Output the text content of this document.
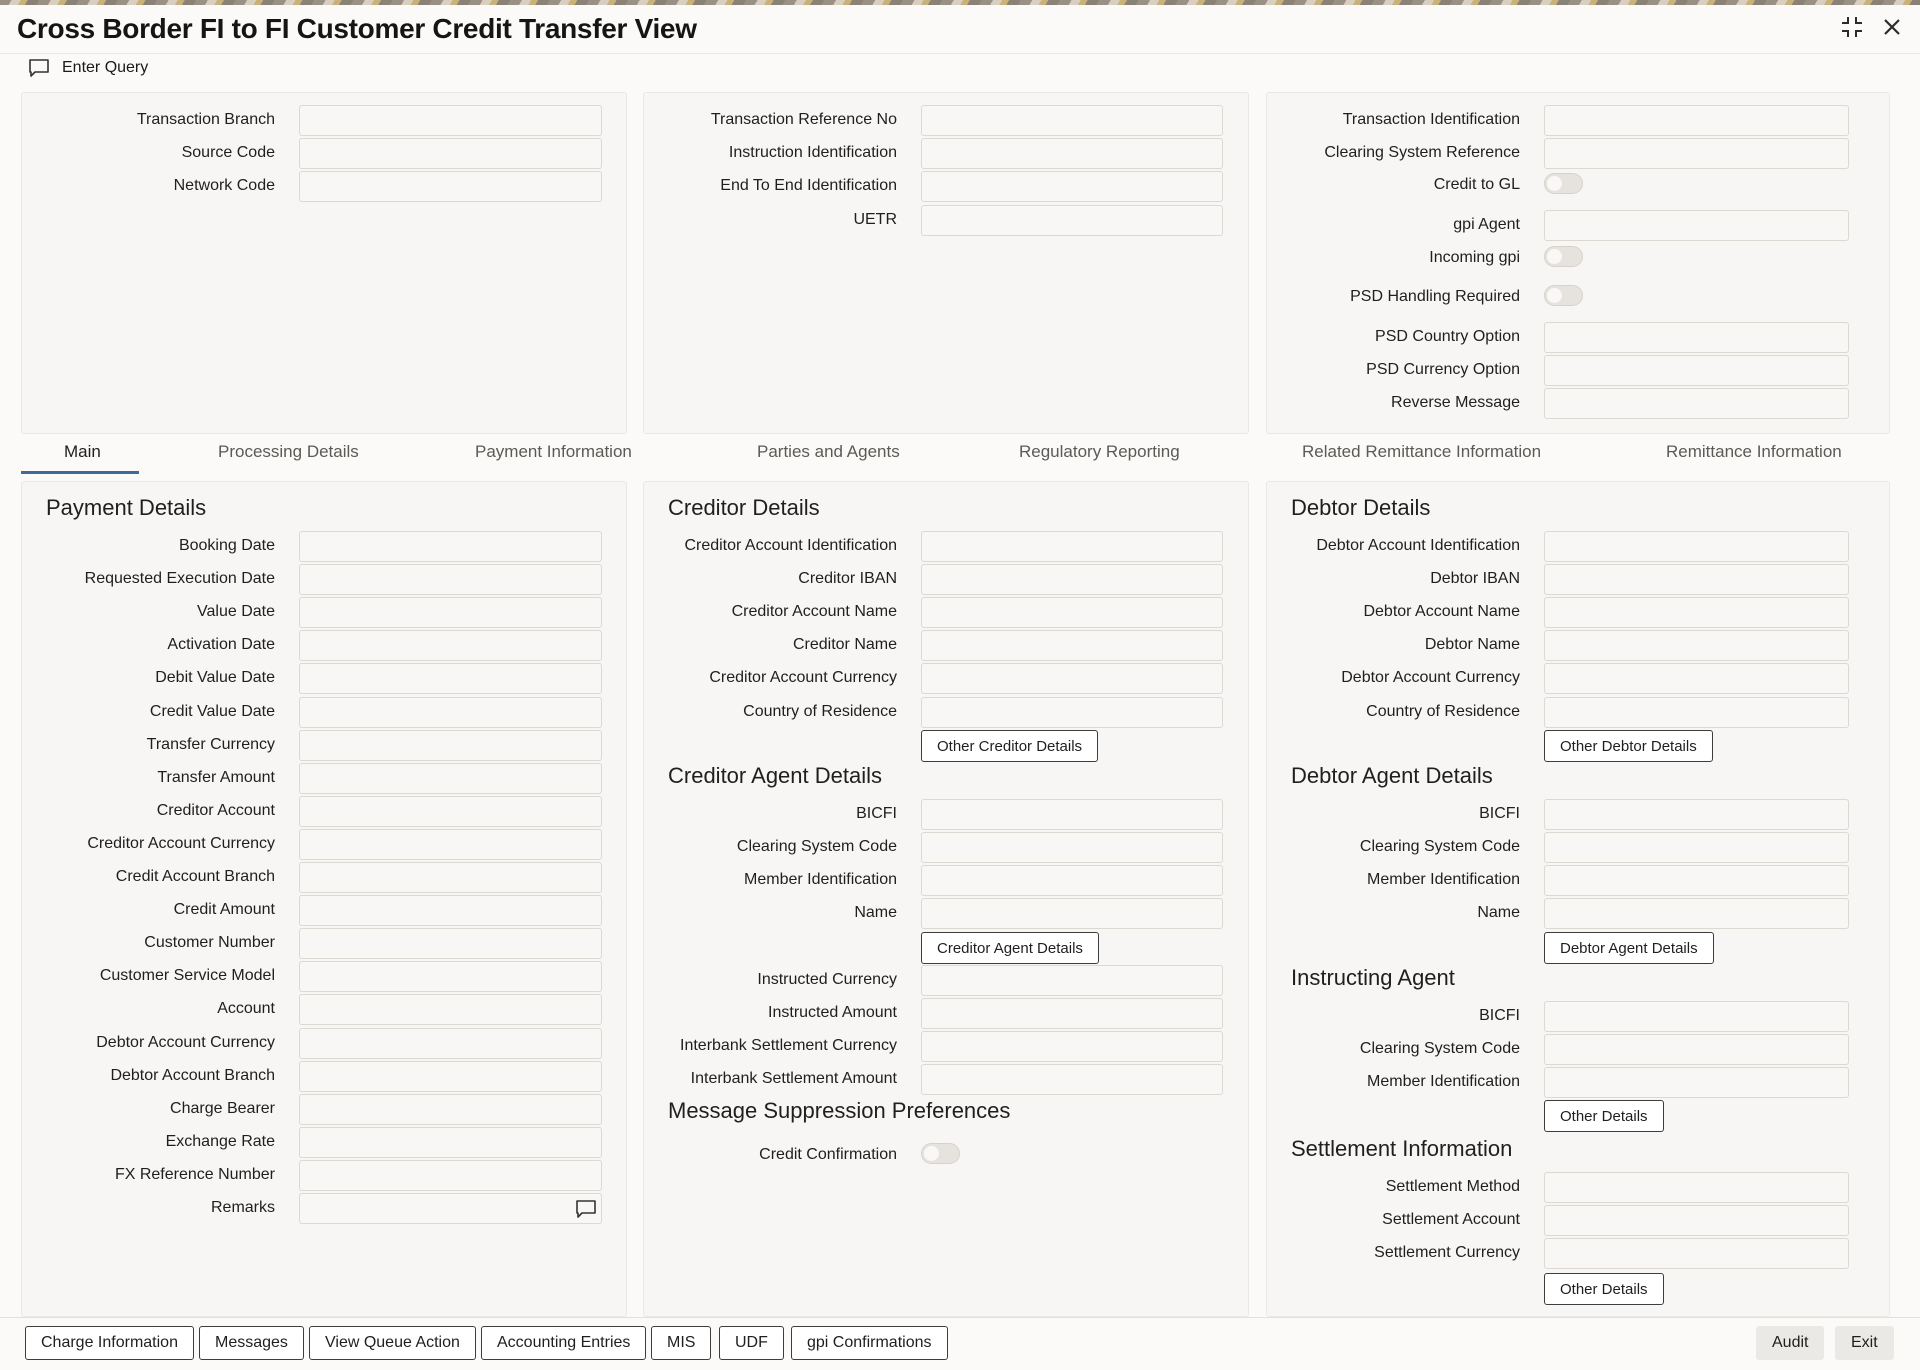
Cross Border FI to FI Customer Credit Transfer View
Enter Query
Transaction Branch
Source Code
Network Code
Transaction Reference No
Instruction Identification
End To End Identification
UETR
Transaction Identification
Clearing System Reference
Credit to GL
gpi Agent
Incoming gpi
PSD Handling Required
PSD Country Option
PSD Currency Option
Reverse Message
Main	Processing Details	Payment Information	Parties and Agents	Regulatory Reporting	Related Remittance Information	Remittance Information
Payment Details
Booking Date
Requested Execution Date
Value Date
Activation Date
Debit Value Date
Credit Value Date
Transfer Currency
Transfer Amount
Creditor Account
Creditor Account Currency
Credit Account Branch
Credit Amount
Customer Number
Customer Service Model
Account
Debtor Account Currency
Debtor Account Branch
Charge Bearer
Exchange Rate
FX Reference Number
Remarks
Creditor Details
Creditor Account Identification
Creditor IBAN
Creditor Account Name
Creditor Name
Creditor Account Currency
Country of Residence
Other Creditor Details
Creditor Agent Details
BICFI
Clearing System Code
Member Identification
Name
Creditor Agent Details
Instructed Currency
Instructed Amount
Interbank Settlement Currency
Interbank Settlement Amount
Message Suppression Preferences
Credit Confirmation
Debtor Details
Debtor Account Identification
Debtor IBAN
Debtor Account Name
Debtor Name
Debtor Account Currency
Country of Residence
Other Debtor Details
Debtor Agent Details
BICFI
Clearing System Code
Member Identification
Name
Debtor Agent Details
Instructing Agent
BICFI
Clearing System Code
Member Identification
Other Details
Settlement Information
Settlement Method
Settlement Account
Settlement Currency
Other Details
Charge Information	Messages	View Queue Action	Accounting Entries	MIS	UDF	gpi Confirmations	Audit	Exit
